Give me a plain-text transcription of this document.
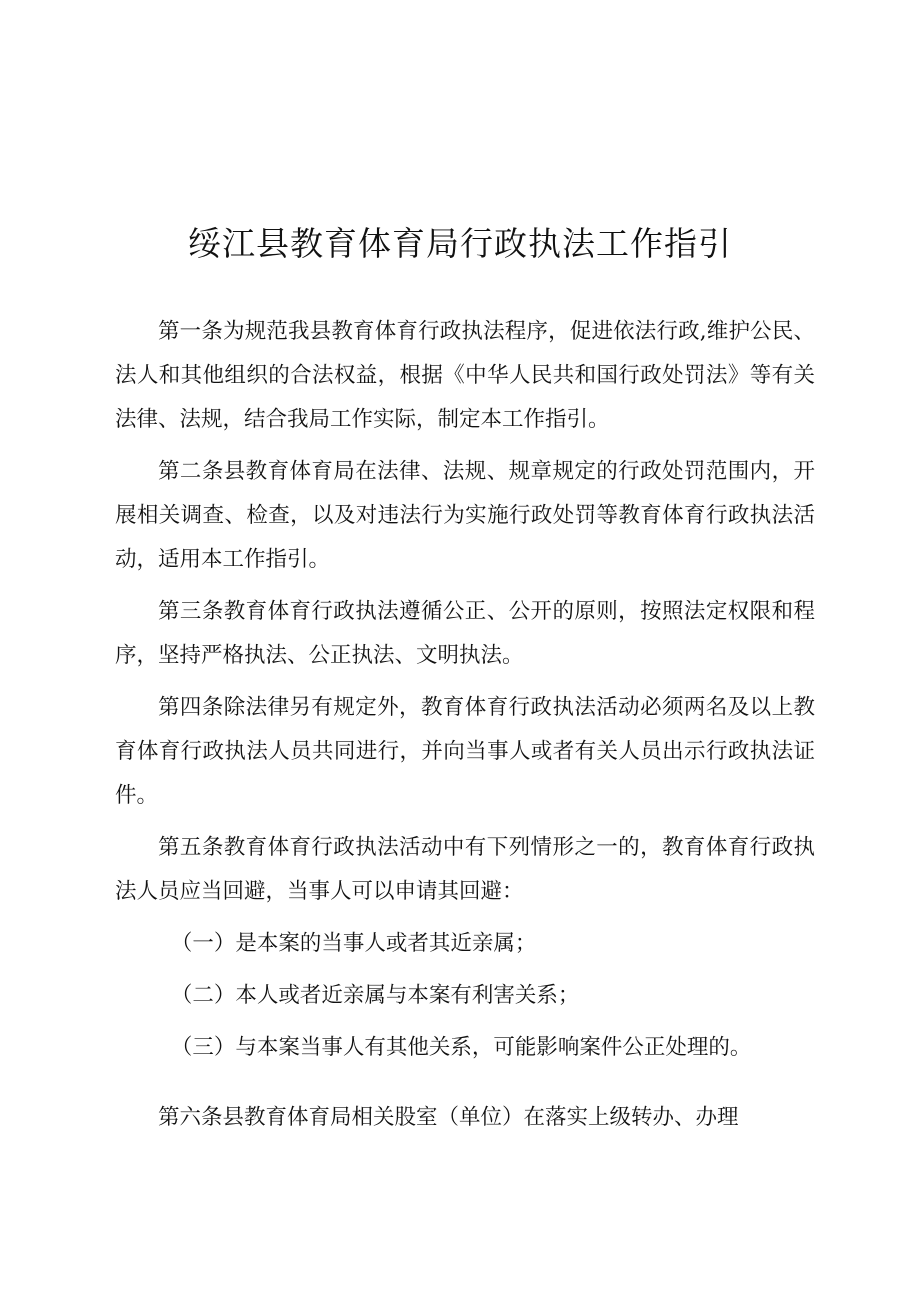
绥江县教育体育局行政执法工作指引

第一条为规范我县教育体育行政执法程序，促进依法行政,维护公民、法人和其他组织的合法权益，根据《中华人民共和国行政处罚法》等有关法律、法规，结合我局工作实际，制定本工作指引。

第二条县教育体育局在法律、法规、规章规定的行政处罚范围内，开展相关调查、检查，以及对违法行为实施行政处罚等教育体育行政执法活动，适用本工作指引。

第三条教育体育行政执法遵循公正、公开的原则，按照法定权限和程序，坚持严格执法、公正执法、文明执法。

第四条除法律另有规定外，教育体育行政执法活动必须两名及以上教育体育行政执法人员共同进行，并向当事人或者有关人员出示行政执法证件。

第五条教育体育行政执法活动中有下列情形之一的，教育体育行政执法人员应当回避，当事人可以申请其回避：

（一）是本案的当事人或者其近亲属；
（二）本人或者近亲属与本案有利害关系；
（三）与本案当事人有其他关系，可能影响案件公正处理的。

第六条县教育体育局相关股室（单位）在落实上级转办、办理
